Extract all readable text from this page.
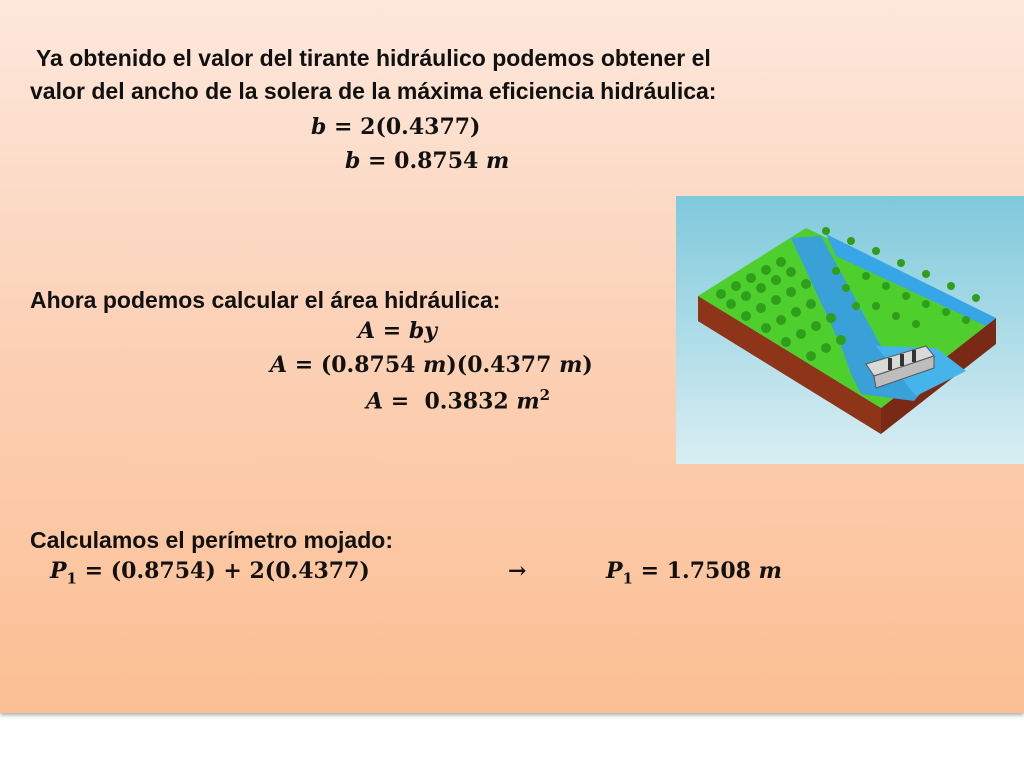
Ya obtenido el valor del tirante hidráulico podemos obtener el
valor del ancho de la solera de la máxima eficiencia hidráulica:
b = 2(0.4377)
b = 0.8754 m
Ahora podemos calcular el área hidráulica:
A = by
A = (0.8754 m)(0.4377 m)
A =  0.3832 $m^2$
Calculamos el perímetro mojado:
$P_1 = (0.8754) + 2(0.4377)$	→	$P_1 = 1.7508$ m
